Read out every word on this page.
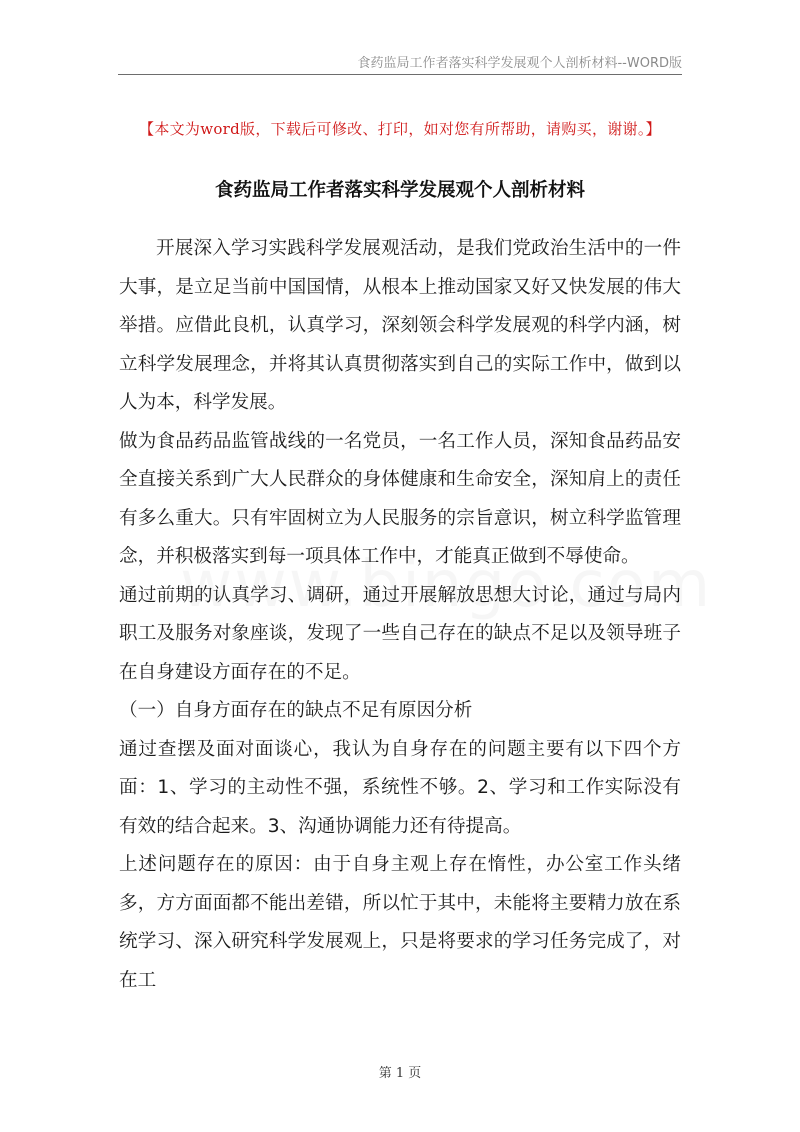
食药监局工作者落实科学发展观个人剖析材料--WORD版
【本文为word版，下载后可修改、打印，如对您有所帮助，请购买，谢谢。】
食药监局工作者落实科学发展观个人剖析材料

开展深入学习实践科学发展观活动，是我们党政治生活中的一件大事，是立足当前中国国情，从根本上推动国家又好又快发展的伟大举措。应借此良机，认真学习，深刻领会科学发展观的科学内涵，树立科学发展理念，并将其认真贯彻落实到自己的实际工作中，做到以人为本，科学发展。

做为食品药品监管战线的一名党员，一名工作人员，深知食品药品安全直接关系到广大人民群众的身体健康和生命安全，深知肩上的责任有多么重大。只有牢固树立为人民服务的宗旨意识，树立科学监管理念，并积极落实到每一项具体工作中，才能真正做到不辱使命。

通过前期的认真学习、调研，通过开展解放思想大讨论，通过与局内职工及服务对象座谈，发现了一些自己存在的缺点不足以及领导班子在自身建设方面存在的不足。

（一）自身方面存在的缺点不足有原因分析

通过查摆及面对面谈心，我认为自身存在的问题主要有以下四个方面：1、学习的主动性不强，系统性不够。2、学习和工作实际没有有效的结合起来。3、沟通协调能力还有待提高。

上述问题存在的原因：由于自身主观上存在惰性，办公室工作头绪多，方方面面都不能出差错，所以忙于其中，未能将主要精力放在系统学习、深入研究科学发展观上，只是将要求的学习任务完成了，对在工

第 1 页
